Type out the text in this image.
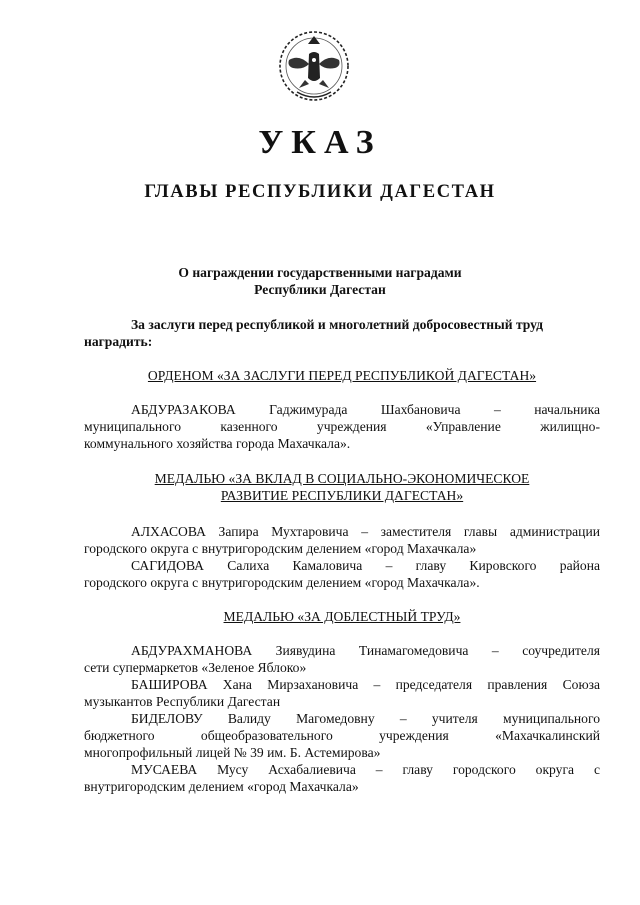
УКАЗ
ГЛАВЫ РЕСПУБЛИКИ ДАГЕСТАН
О награждении государственными наградами
Республики Дагестан
За заслуги перед республикой и многолетний добросовестный труд
наградить:
ОРДЕНОМ «ЗА ЗАСЛУГИ ПЕРЕД РЕСПУБЛИКОЙ ДАГЕСТАН»
АБДУРАЗАКОВА Гаджимурада Шахбановича – начальника
муниципального казенного учреждения «Управление жилищно-
коммунального хозяйства города Махачкала».
МЕДАЛЬЮ «ЗА ВКЛАД В СОЦИАЛЬНО-ЭКОНОМИЧЕСКОЕ
РАЗВИТИЕ РЕСПУБЛИКИ ДАГЕСТАН»
АЛХАСОВА Запира Мухтаровича – заместителя главы администрации
городского округа с внутригородским делением «город Махачкала»
САГИДОВА Салиха Камаловича – главу Кировского района
городского округа с внутригородским делением «город Махачкала».
МЕДАЛЬЮ «ЗА ДОБЛЕСТНЫЙ ТРУД»
АБДУРАХМАНОВА Зиявудина Тинамагомедовича – соучредителя
сети супермаркетов «Зеленое Яблоко»
БАШИРОВА Хана Мирзахановича – председателя правления Союза
музыкантов Республики Дагестан
БИДЕЛОВУ Валиду Магомедовну – учителя муниципального
бюджетного общеобразовательного учреждения «Махачкалинский
многопрофильный лицей № 39 им. Б. Астемирова»
МУСАЕВА Мусу Асхабалиевича – главу городского округа с
внутригородским делением «город Махачкала»
